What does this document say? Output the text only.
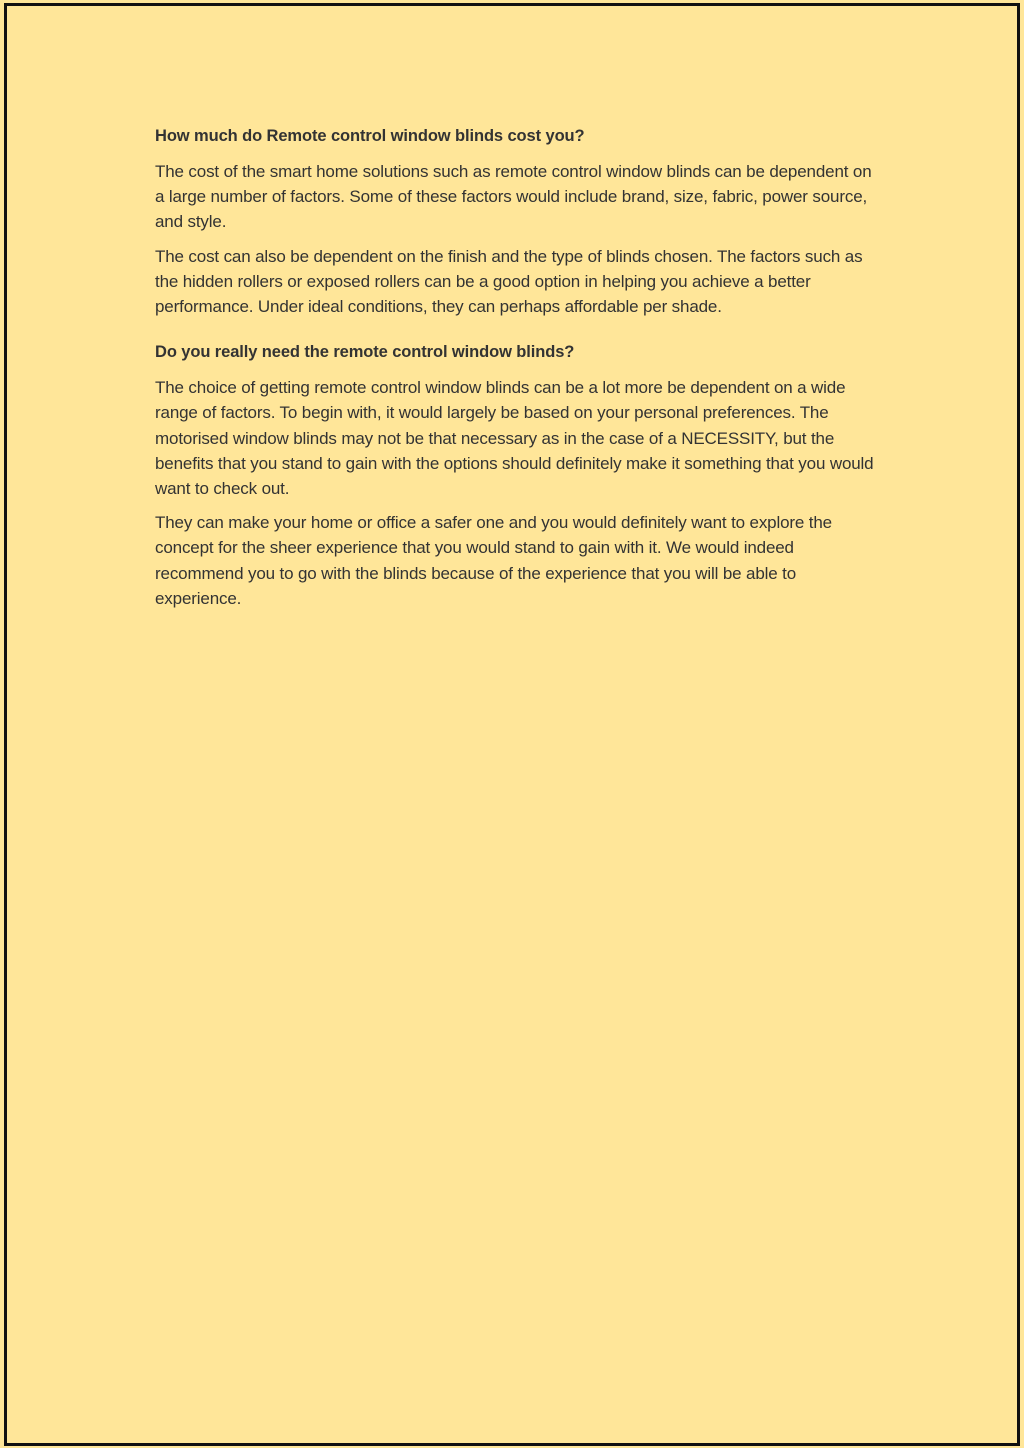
How much do Remote control window blinds cost you?

The cost of the smart home solutions such as remote control window blinds can be dependent on a large number of factors. Some of these factors would include brand, size, fabric, power source, and style.

The cost can also be dependent on the finish and the type of blinds chosen. The factors such as the hidden rollers or exposed rollers can be a good option in helping you achieve a better performance. Under ideal conditions, they can perhaps affordable per shade.

Do you really need the remote control window blinds?

The choice of getting remote control window blinds can be a lot more be dependent on a wide range of factors. To begin with, it would largely be based on your personal preferences. The motorised window blinds may not be that necessary as in the case of a NECESSITY, but the benefits that you stand to gain with the options should definitely make it something that you would want to check out.

They can make your home or office a safer one and you would definitely want to explore the concept for the sheer experience that you would stand to gain with it. We would indeed recommend you to go with the blinds because of the experience that you will be able to experience.
